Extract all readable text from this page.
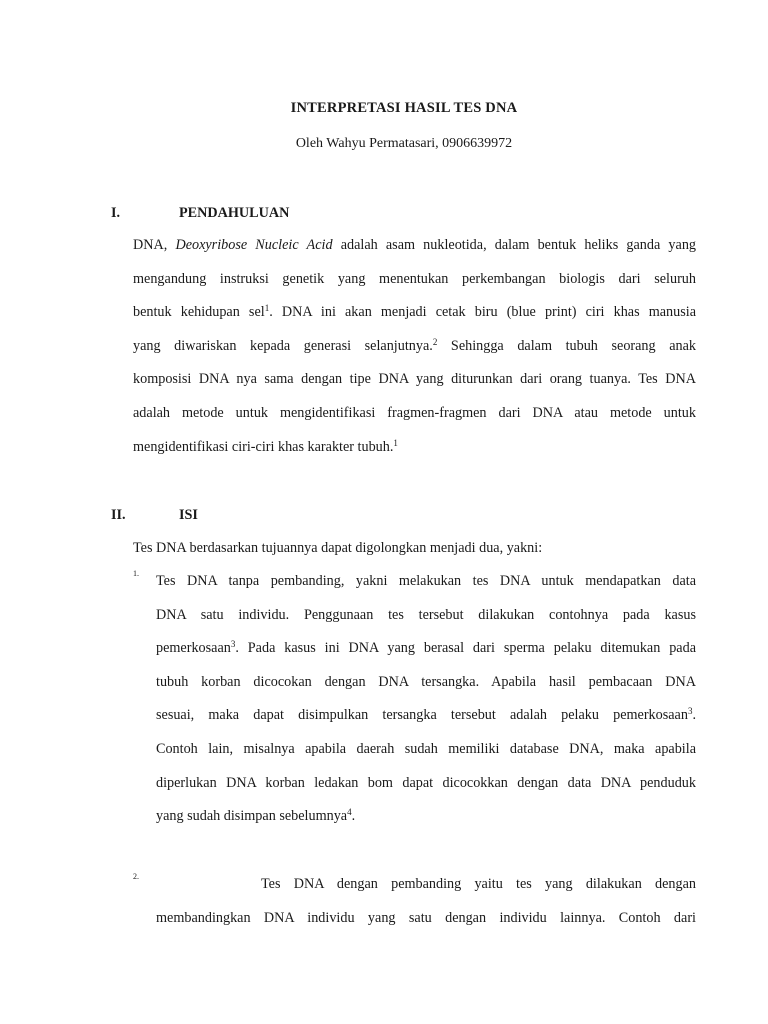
INTERPRETASI HASIL TES DNA
Oleh Wahyu Permatasari, 0906639972
I.	PENDAHULUAN
DNA, Deoxyribose Nucleic Acid adalah asam nukleotida, dalam bentuk heliks ganda yang
mengandung instruksi genetik yang menentukan perkembangan biologis dari seluruh
bentuk kehidupan sel$^1$. DNA ini akan menjadi cetak biru (blue print) ciri khas manusia
yang diwariskan kepada generasi selanjutnya.$^2$ Sehingga dalam tubuh seorang anak
komposisi DNA nya sama dengan tipe DNA yang diturunkan dari orang tuanya. Tes DNA
adalah metode untuk mengidentifikasi fragmen-fragmen dari DNA atau metode untuk
mengidentifikasi ciri-ciri khas karakter tubuh.$^1$
II.	ISI
Tes DNA berdasarkan tujuannya dapat digolongkan menjadi dua, yakni:
1. Tes DNA tanpa pembanding, yakni melakukan tes DNA untuk mendapatkan data
DNA satu individu. Penggunaan tes tersebut dilakukan contohnya pada kasus
pemerkosaan$^3$. Pada kasus ini DNA yang berasal dari sperma pelaku ditemukan pada
tubuh korban dicocokan dengan DNA tersangka. Apabila hasil pembacaan DNA
sesuai, maka dapat disimpulkan tersangka tersebut adalah pelaku pemerkosaan$^3$.
Contoh lain, misalnya apabila daerah sudah memiliki database DNA, maka apabila
diperlukan DNA korban ledakan bom dapat dicocokkan dengan data DNA penduduk
yang sudah disimpan sebelumnya$^4$.
2.	Tes DNA dengan pembanding yaitu tes yang dilakukan dengan
membandingkan DNA individu yang satu dengan individu lainnya. Contoh dari
